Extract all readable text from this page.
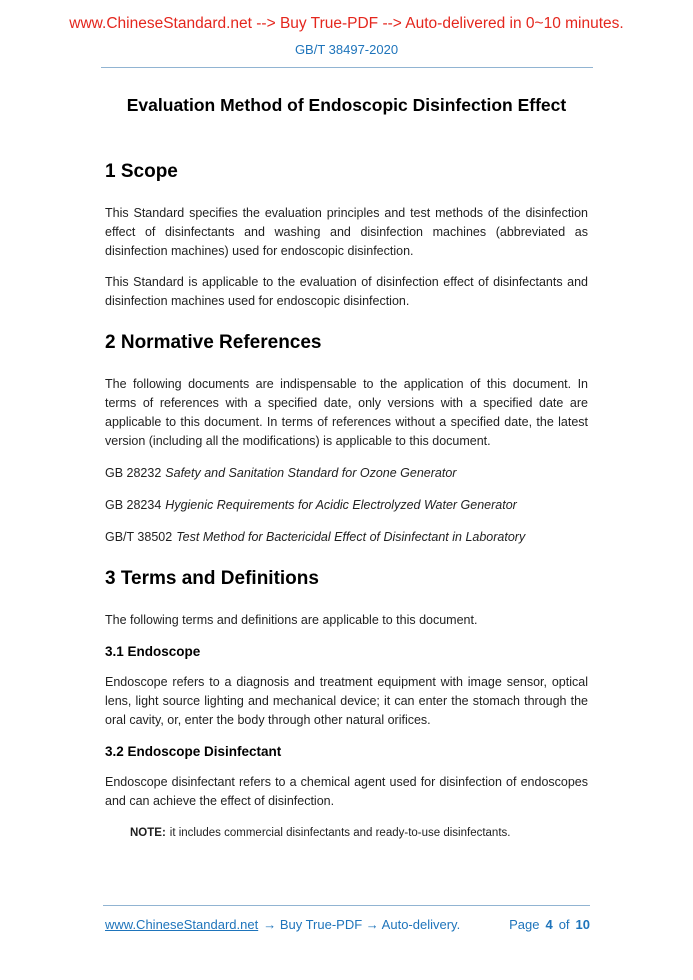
www.ChineseStandard.net --> Buy True-PDF --> Auto-delivered in 0~10 minutes.
GB/T 38497-2020
Evaluation Method of Endoscopic Disinfection Effect
1 Scope

This Standard specifies the evaluation principles and test methods of the disinfection effect of disinfectants and washing and disinfection machines (abbreviated as disinfection machines) used for endoscopic disinfection.

This Standard is applicable to the evaluation of disinfection effect of disinfectants and disinfection machines used for endoscopic disinfection.

2 Normative References

The following documents are indispensable to the application of this document. In terms of references with a specified date, only versions with a specified date are applicable to this document. In terms of references without a specified date, the latest version (including all the modifications) is applicable to this document.

GB 28232 Safety and Sanitation Standard for Ozone Generator
GB 28234 Hygienic Requirements for Acidic Electrolyzed Water Generator
GB/T 38502 Test Method for Bactericidal Effect of Disinfectant in Laboratory
3 Terms and Definitions

The following terms and definitions are applicable to this document.

3.1 Endoscope

Endoscope refers to a diagnosis and treatment equipment with image sensor, optical lens, light source lighting and mechanical device; it can enter the stomach through the oral cavity, or, enter the body through other natural orifices.

3.2 Endoscope Disinfectant

Endoscope disinfectant refers to a chemical agent used for disinfection of endoscopes and can achieve the effect of disinfection.

NOTE: it includes commercial disinfectants and ready-to-use disinfectants.
www.ChineseStandard.net → Buy True-PDF → Auto-delivery.	Page 4 of 10
